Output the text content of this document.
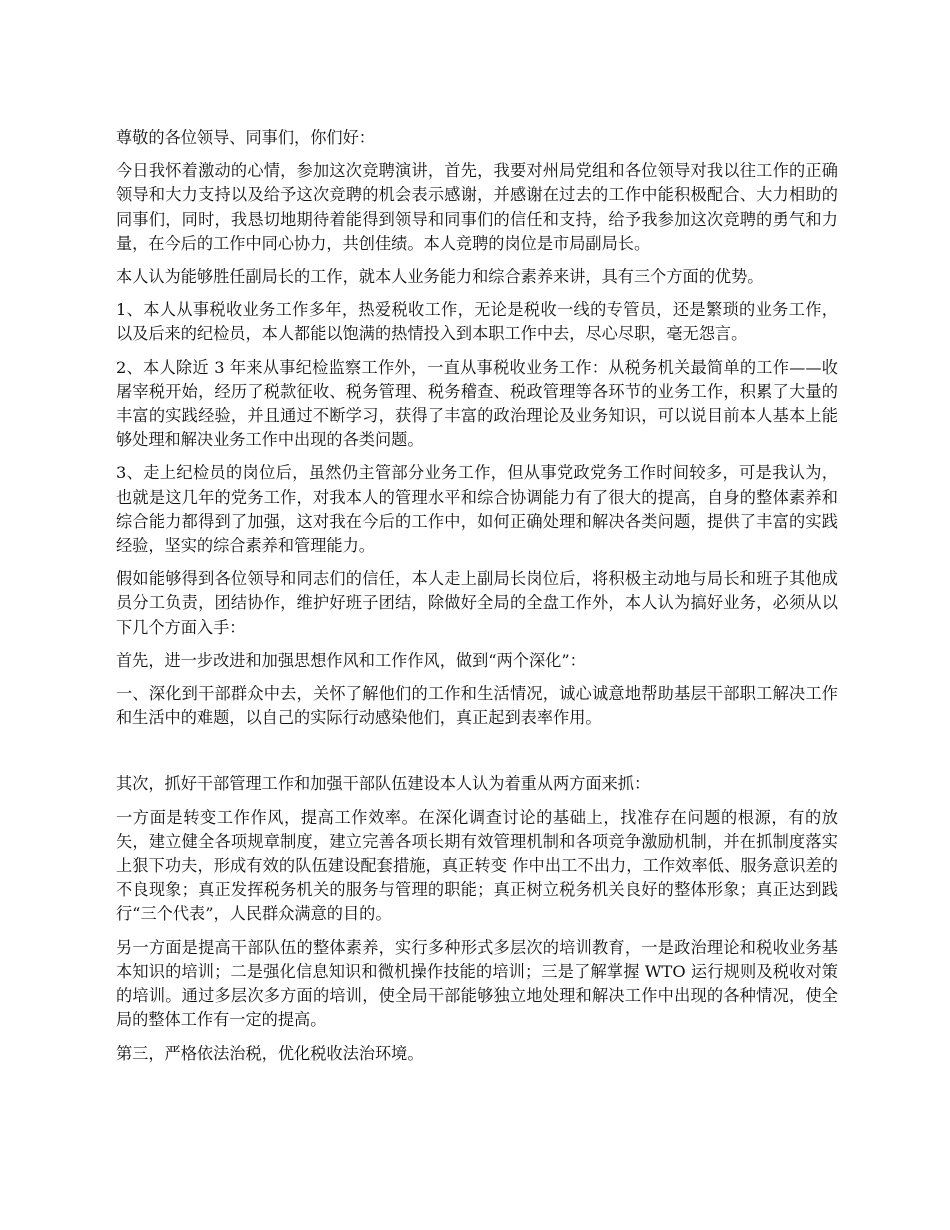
尊敬的各位领导、同事们，你们好：

今日我怀着激动的心情，参加这次竞聘演讲，首先，我要对州局党组和各位领导对我以往工作的正确领导和大力支持以及给予这次竞聘的机会表示感谢，并感谢在过去的工作中能积极配合、大力相助的同事们，同时，我恳切地期待着能得到领导和同事们的信任和支持，给予我参加这次竞聘的勇气和力量，在今后的工作中同心协力，共创佳绩。本人竞聘的岗位是市局副局长。

本人认为能够胜任副局长的工作，就本人业务能力和综合素养来讲，具有三个方面的优势。

1、本人从事税收业务工作多年，热爱税收工作，无论是税收一线的专管员，还是繁琐的业务工作，以及后来的纪检员，本人都能以饱满的热情投入到本职工作中去，尽心尽职，毫无怨言。

2、本人除近 3 年来从事纪检监察工作外，一直从事税收业务工作：从税务机关最简单的工作——收屠宰税开始，经历了税款征收、税务管理、税务稽查、税政管理等各环节的业务工作，积累了大量的丰富的实践经验，并且通过不断学习，获得了丰富的政治理论及业务知识，可以说目前本人基本上能够处理和解决业务工作中出现的各类问题。

3、走上纪检员的岗位后，虽然仍主管部分业务工作，但从事党政党务工作时间较多，可是我认为，也就是这几年的党务工作，对我本人的管理水平和综合协调能力有了很大的提高，自身的整体素养和综合能力都得到了加强，这对我在今后的工作中，如何正确处理和解决各类问题，提供了丰富的实践经验，坚实的综合素养和管理能力。

假如能够得到各位领导和同志们的信任，本人走上副局长岗位后，将积极主动地与局长和班子其他成员分工负责，团结协作，维护好班子团结，除做好全局的全盘工作外，本人认为搞好业务，必须从以下几个方面入手：

首先，进一步改进和加强思想作风和工作作风，做到“两个深化”：

一、深化到干部群众中去，关怀了解他们的工作和生活情况，诚心诚意地帮助基层干部职工解决工作和生活中的难题，以自己的实际行动感染他们，真正起到表率作用。

其次，抓好干部管理工作和加强干部队伍建设本人认为着重从两方面来抓：

一方面是转变工作作风，提高工作效率。在深化调查讨论的基础上，找准存在问题的根源，有的放矢，建立健全各项规章制度，建立完善各项长期有效管理机制和各项竞争激励机制，并在抓制度落实上狠下功夫，形成有效的队伍建设配套措施，真正转变 作中出工不出力，工作效率低、服务意识差的不良现象；真正发挥税务机关的服务与管理的职能；真正树立税务机关良好的整体形象；真正达到践行“三个代表”，人民群众满意的目的。

另一方面是提高干部队伍的整体素养，实行多种形式多层次的培训教育，一是政治理论和税收业务基本知识的培训；二是强化信息知识和微机操作技能的培训；三是了解掌握 WTO 运行规则及税收对策的培训。通过多层次多方面的培训，使全局干部能够独立地处理和解决工作中出现的各种情况，使全局的整体工作有一定的提高。

第三，严格依法治税，优化税收法治环境。
